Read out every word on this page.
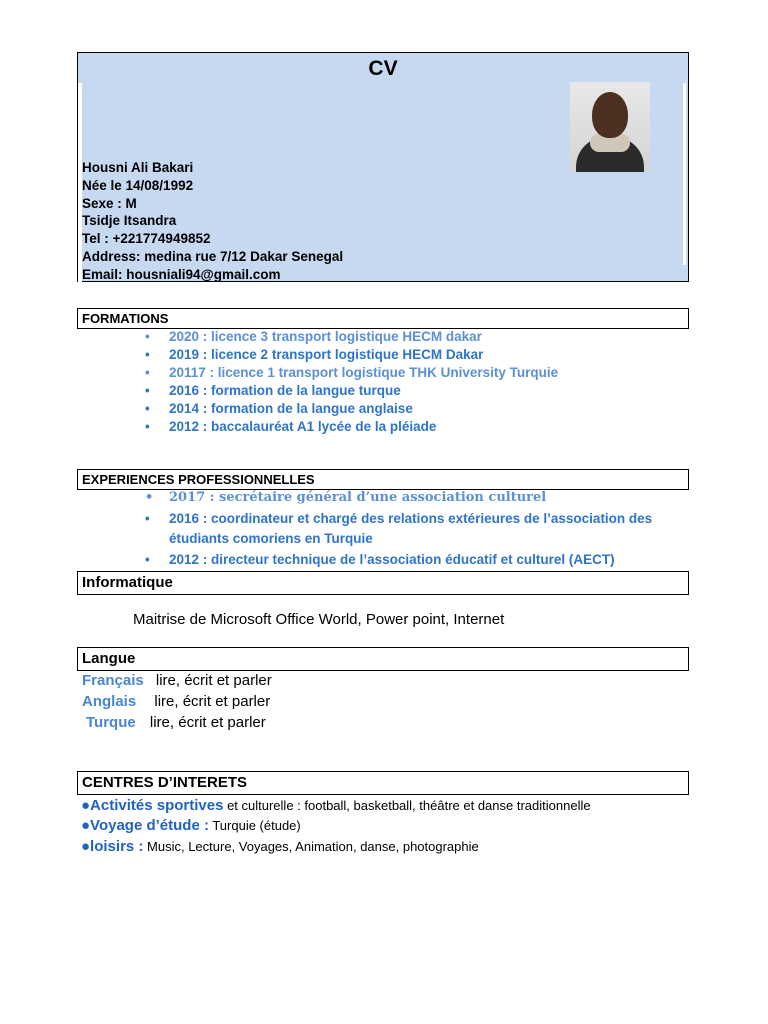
CV
Housni Ali Bakari
Née le 14/08/1992
Sexe : M
Tsidje Itsandra
Tel : +221774949852
Address: medina rue 7/12 Dakar Senegal
Email: housniali94@gmail.com
FORMATIONS
• 2020 : licence 3 transport logistique HECM dakar
• 2019 : licence 2 transport logistique HECM Dakar
• 20117 : licence 1 transport logistique THK University Turquie
• 2016 : formation de la langue turque
• 2014 : formation de la langue anglaise
• 2012 : baccalauréat A1 lycée de la pléiade
EXPERIENCES PROFESSIONNELLES
• 2017 : secrétaire général d’une association culturel
• 2016 : coordinateur et chargé des relations extérieures de l’association des
étudiants comoriens en Turquie
• 2012 : directeur technique de l’association éducatif et culturel (AECT)
Informatique
Maitrise de Microsoft Office World, Power point, Internet
Langue
Français lire, écrit et parler
Anglais lire, écrit et parler
Turque lire, écrit et parler
CENTRES D’INTERETS
●Activités sportives et culturelle : football, basketball, théâtre et danse traditionnelle
●Voyage d’étude : Turquie (étude)
●loisirs : Music, Lecture, Voyages, Animation, danse, photographie
